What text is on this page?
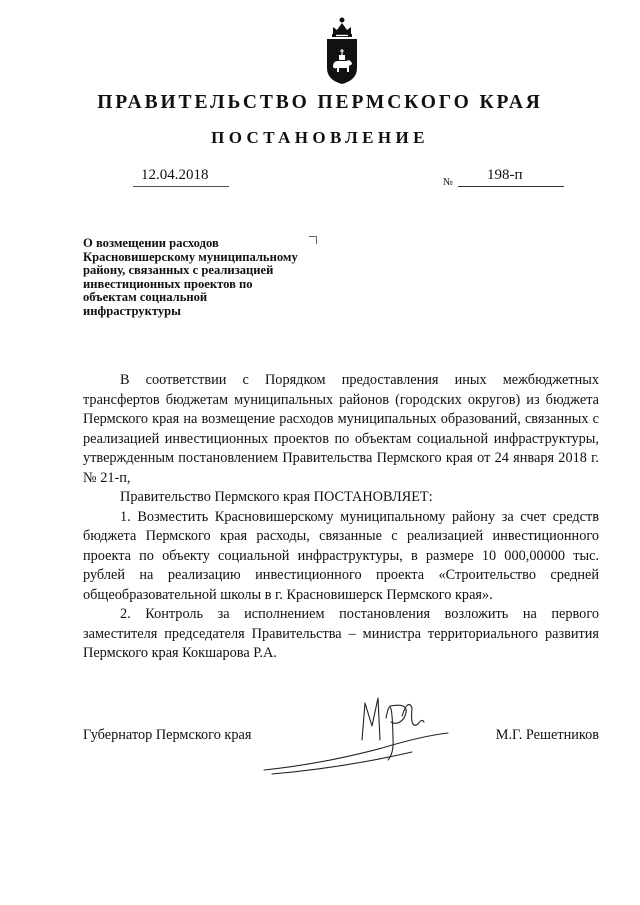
ПРАВИТЕЛЬСТВО ПЕРМСКОГО КРАЯ
ПОСТАНОВЛЕНИЕ
12.04.2018	№ 198-п
О возмещении расходов Красновишерскому муниципальному району, связанных с реализацией инвестиционных проектов по объектам социальной инфраструктуры

В соответствии с Порядком предоставления иных межбюджетных трансфертов бюджетам муниципальных районов (городских округов) из бюджета Пермского края на возмещение расходов муниципальных образований, связанных с реализацией инвестиционных проектов по объектам социальной инфраструктуры, утвержденным постановлением Правительства Пермского края от 24 января 2018 г. № 21-п,

Правительство Пермского края ПОСТАНОВЛЯЕТ:

1. Возместить Красновишерскому муниципальному району за счет средств бюджета Пермского края расходы, связанные с реализацией инвестиционного проекта по объекту социальной инфраструктуры, в размере 10 000,00000 тыс. рублей на реализацию инвестиционного проекта «Строительство средней общеобразовательной школы в г. Красновишерск Пермского края».

2. Контроль за исполнением постановления возложить на первого заместителя председателя Правительства – министра территориального развития Пермского края Кокшарова Р.А.

Губернатор Пермского края	М.Г. Решетников
